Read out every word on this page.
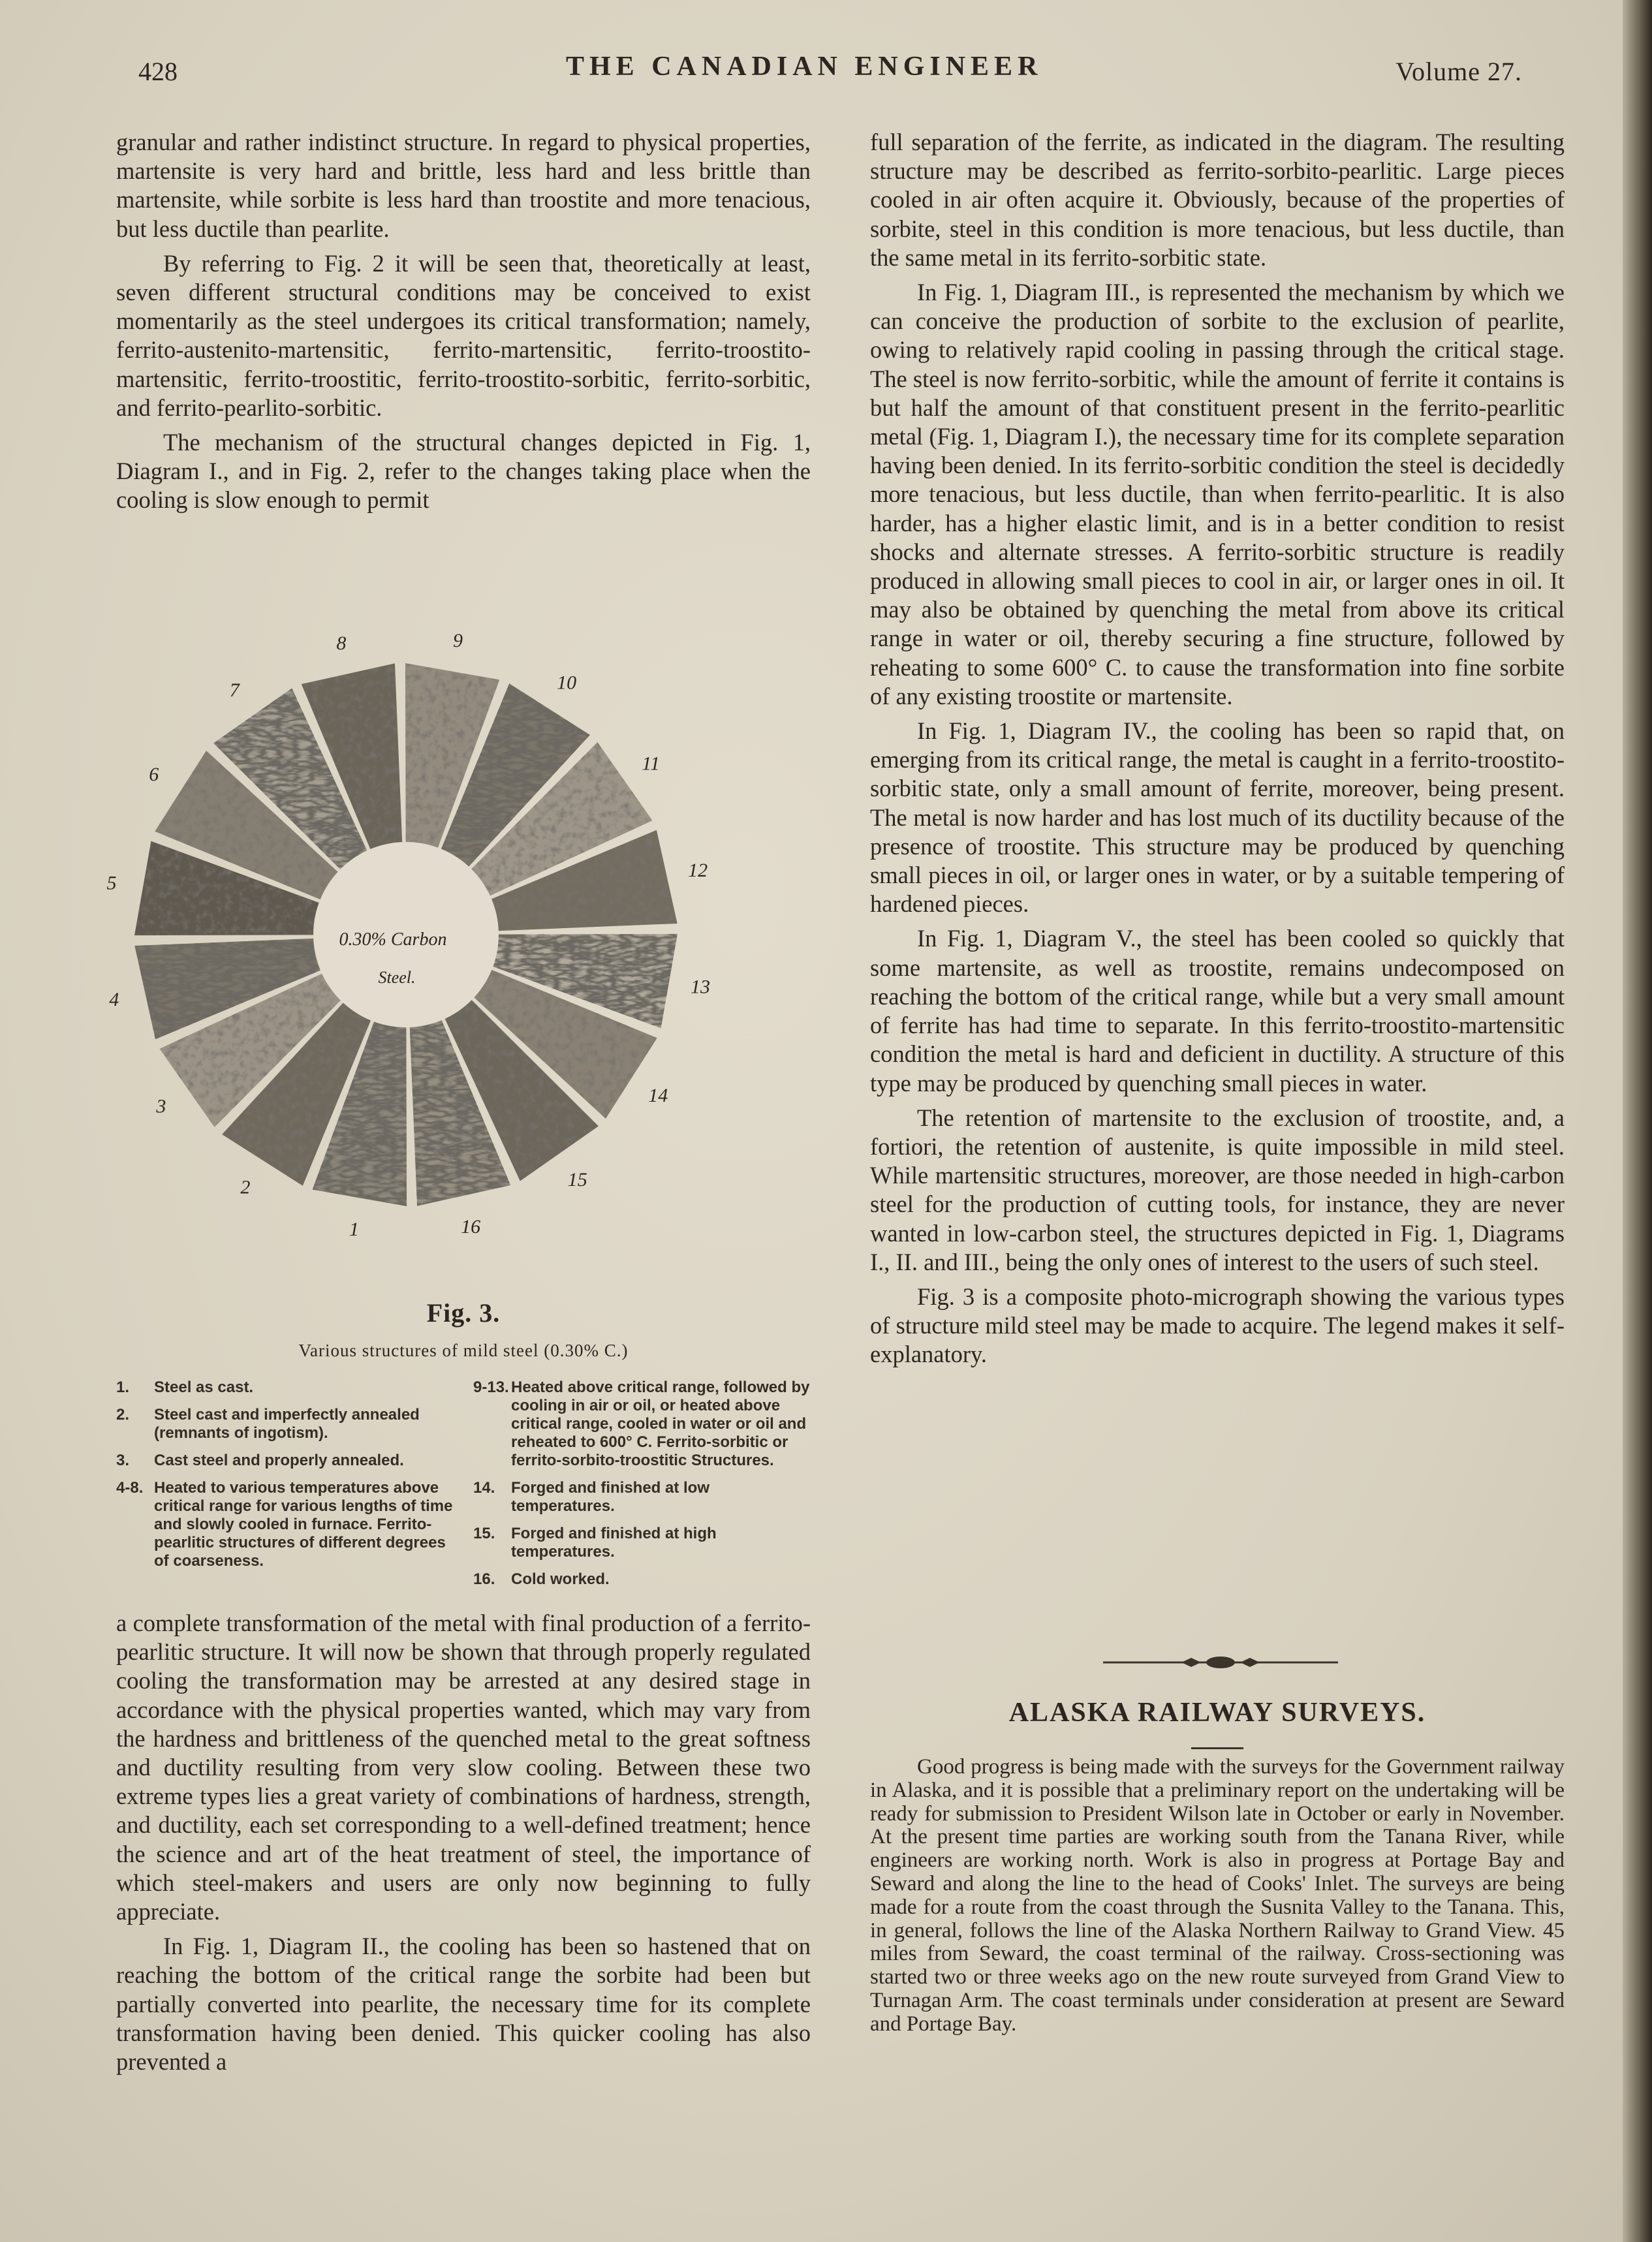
428	THE CANADIAN ENGINEER	Volume 27.

granular and rather indistinct structure. In regard to physical properties, martensite is very hard and brittle, less hard and less brittle than martensite, while sorbite is less hard than troostite and more tenacious, but less ductile than pearlite.

By referring to Fig. 2 it will be seen that, theoretically at least, seven different structural conditions may be conceived to exist momentarily as the steel undergoes its critical transformation; namely, ferrito-austenito-martensitic, ferrito-martensitic, ferrito-troostito-martensitic, ferrito-troostitic, ferrito-troostito-sorbitic, ferrito-sorbitic, and ferrito-pearlito-sorbitic.

The mechanism of the structural changes depicted in Fig. 1, Diagram I., and in Fig. 2, refer to the changes taking place when the cooling is slow enough to permit

0.30% Carbon
Steel.
1
2
3
4
5
6
7
8	9
10
11
12
13
14
15
16
Fig. 3.
Various structures of mild steel (0.30% C.)
1. Steel as cast.
2. Steel cast and imperfectly annealed (remnants of ingotism).
3. Cast steel and properly annealed.
4-8. Heated to various temperatures above critical range for various lengths of time and slowly cooled in furnace. Ferrito-pearlitic structures of different degrees of coarseness.
9-13. Heated above critical range, followed by cooling in air or oil, or heated above critical range, cooled in water or oil and reheated to 600° C. Ferrito-sorbitic or ferrito-sorbito-troostitic Structures.
14. Forged and finished at low temperatures.
15. Forged and finished at high temperatures.
16. Cold worked.

a complete transformation of the metal with final production of a ferrito-pearlitic structure. It will now be shown that through properly regulated cooling the transformation may be arrested at any desired stage in accordance with the physical properties wanted, which may vary from the hardness and brittleness of the quenched metal to the great softness and ductility resulting from very slow cooling. Between these two extreme types lies a great variety of combinations of hardness, strength, and ductility, each set corresponding to a well-defined treatment; hence the science and art of the heat treatment of steel, the importance of which steel-makers and users are only now beginning to fully appreciate.

In Fig. 1, Diagram II., the cooling has been so hastened that on reaching the bottom of the critical range the sorbite had been but partially converted into pearlite, the necessary time for its complete transformation having been denied. This quicker cooling has also prevented a

full separation of the ferrite, as indicated in the diagram. The resulting structure may be described as ferrito-sorbito-pearlitic. Large pieces cooled in air often acquire it. Obviously, because of the properties of sorbite, steel in this condition is more tenacious, but less ductile, than the same metal in its ferrito-sorbitic state.

In Fig. 1, Diagram III., is represented the mechanism by which we can conceive the production of sorbite to the exclusion of pearlite, owing to relatively rapid cooling in passing through the critical stage. The steel is now ferrito-sorbitic, while the amount of ferrite it contains is but half the amount of that constituent present in the ferrito-pearlitic metal (Fig. 1, Diagram I.), the necessary time for its complete separation having been denied. In its ferrito-sorbitic condition the steel is decidedly more tenacious, but less ductile, than when ferrito-pearlitic. It is also harder, has a higher elastic limit, and is in a better condition to resist shocks and alternate stresses. A ferrito-sorbitic structure is readily produced in allowing small pieces to cool in air, or larger ones in oil. It may also be obtained by quenching the metal from above its critical range in water or oil, thereby securing a fine structure, followed by reheating to some 600° C. to cause the transformation into fine sorbite of any existing troostite or martensite.

In Fig. 1, Diagram IV., the cooling has been so rapid that, on emerging from its critical range, the metal is caught in a ferrito-troostito-sorbitic state, only a small amount of ferrite, moreover, being present. The metal is now harder and has lost much of its ductility because of the presence of troostite. This structure may be produced by quenching small pieces in oil, or larger ones in water, or by a suitable tempering of hardened pieces.

In Fig. 1, Diagram V., the steel has been cooled so quickly that some martensite, as well as troostite, remains undecomposed on reaching the bottom of the critical range, while but a very small amount of ferrite has had time to separate. In this ferrito-troostito-martensitic condition the metal is hard and deficient in ductility. A structure of this type may be produced by quenching small pieces in water.

The retention of martensite to the exclusion of troostite, and, a fortiori, the retention of austenite, is quite impossible in mild steel. While martensitic structures, moreover, are those needed in high-carbon steel for the production of cutting tools, for instance, they are never wanted in low-carbon steel, the structures depicted in Fig. 1, Diagrams I., II. and III., being the only ones of interest to the users of such steel.

Fig. 3 is a composite photo-micrograph showing the various types of structure mild steel may be made to acquire. The legend makes it self-explanatory.

ALASKA RAILWAY SURVEYS.

Good progress is being made with the surveys for the Government railway in Alaska, and it is possible that a preliminary report on the undertaking will be ready for submission to President Wilson late in October or early in November. At the present time parties are working south from the Tanana River, while engineers are working north. Work is also in progress at Portage Bay and Seward and along the line to the head of Cooks' Inlet. The surveys are being made for a route from the coast through the Susnita Valley to the Tanana. This, in general, follows the line of the Alaska Northern Railway to Grand View. 45 miles from Seward, the coast terminal of the railway. Cross-sectioning was started two or three weeks ago on the new route surveyed from Grand View to Turnagan Arm. The coast terminals under consideration at present are Seward and Portage Bay.
